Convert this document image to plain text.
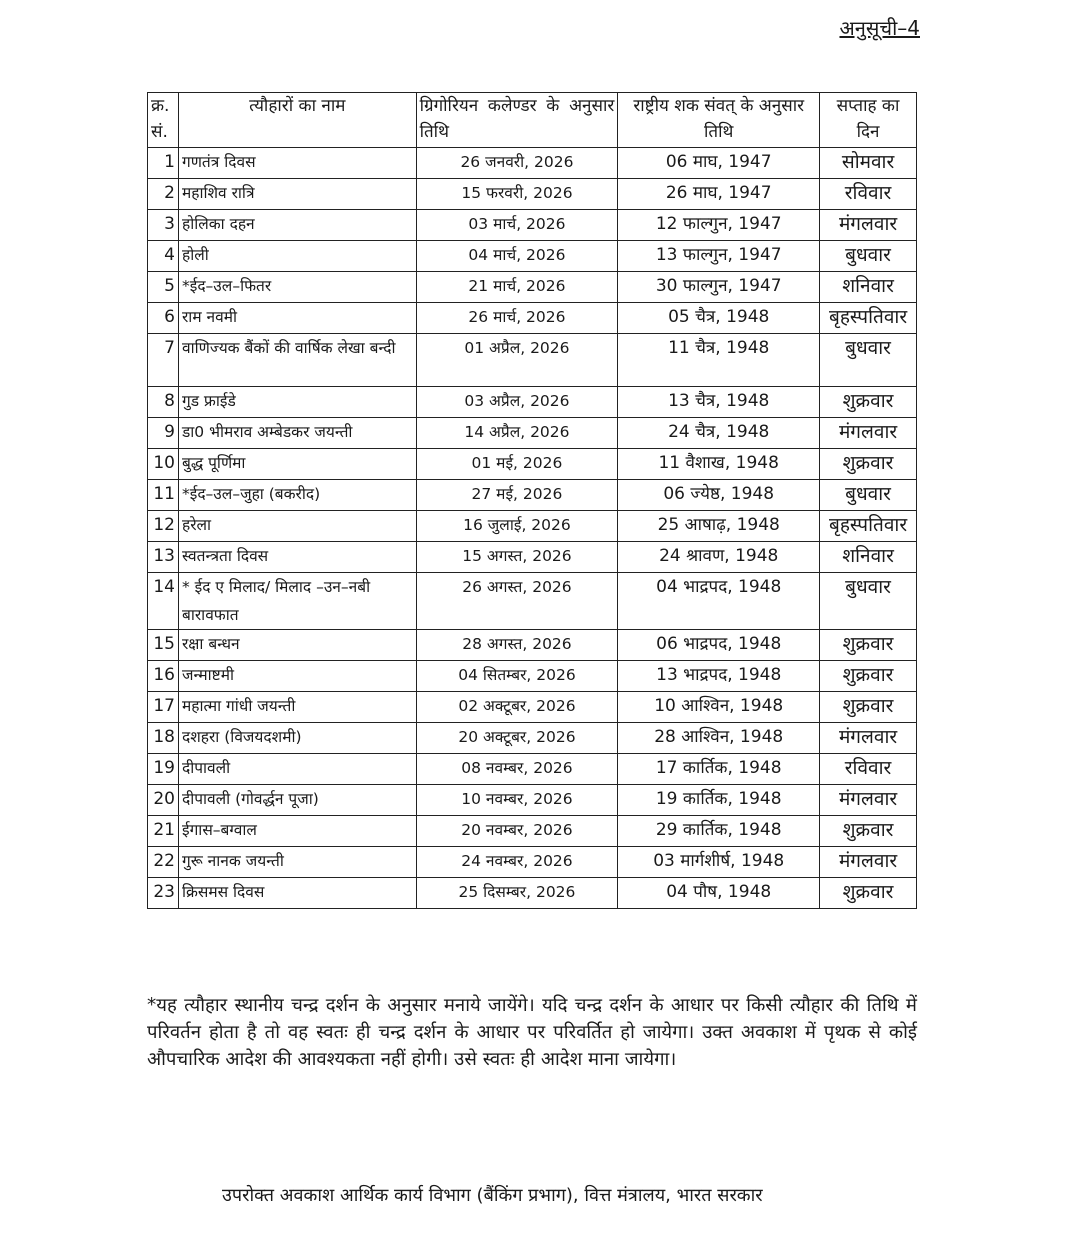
अनुसूची–4
क्र. सं.	त्यौहारों का नाम	ग्रिगोरियन कलेण्डर के अनुसार तिथि	राष्ट्रीय शक संवत् के अनुसार तिथि	सप्ताह का दिन
1	गणतंत्र दिवस	26 जनवरी, 2026	06 माघ, 1947	सोमवार
2	महाशिव रात्रि	15 फरवरी, 2026	26 माघ, 1947	रविवार
3	होलिका दहन	03 मार्च, 2026	12 फाल्गुन, 1947	मंगलवार
4	होली	04 मार्च, 2026	13 फाल्गुन, 1947	बुधवार
5	*ईद–उल–फितर	21 मार्च, 2026	30 फाल्गुन, 1947	शनिवार
6	राम नवमी	26 मार्च, 2026	05 चैत्र, 1948	बृहस्पतिवार
7	वाणिज्यक बैंकों की वार्षिक लेखा बन्दी	01 अप्रैल, 2026	11 चैत्र, 1948	बुधवार
8	गुड फ्राईडे	03 अप्रैल, 2026	13 चैत्र, 1948	शुक्रवार
9	डा0 भीमराव अम्बेडकर जयन्ती	14 अप्रैल, 2026	24 चैत्र, 1948	मंगलवार
10	बुद्ध पूर्णिमा	01 मई, 2026	11 वैशाख, 1948	शुक्रवार
11	*ईद–उल–जुहा (बकरीद)	27 मई, 2026	06 ज्येष्ठ, 1948	बुधवार
12	हरेला	16 जुलाई, 2026	25 आषाढ़, 1948	बृहस्पतिवार
13	स्वतन्त्रता दिवस	15 अगस्त, 2026	24 श्रावण, 1948	शनिवार
14	* ईद ए मिलाद/ मिलाद –उन–नबी बारावफात	26 अगस्त, 2026	04 भाद्रपद, 1948	बुधवार
15	रक्षा बन्धन	28 अगस्त, 2026	06 भाद्रपद, 1948	शुक्रवार
16	जन्माष्टमी	04 सितम्बर, 2026	13 भाद्रपद, 1948	शुक्रवार
17	महात्मा गांधी जयन्ती	02 अक्टूबर, 2026	10 आश्विन, 1948	शुक्रवार
18	दशहरा (विजयदशमी)	20 अक्टूबर, 2026	28 आश्विन, 1948	मंगलवार
19	दीपावली	08 नवम्बर, 2026	17 कार्तिक, 1948	रविवार
20	दीपावली (गोवर्द्धन पूजा)	10 नवम्बर, 2026	19 कार्तिक, 1948	मंगलवार
21	ईगास–बग्वाल	20 नवम्बर, 2026	29 कार्तिक, 1948	शुक्रवार
22	गुरू नानक जयन्ती	24 नवम्बर, 2026	03 मार्गशीर्ष, 1948	मंगलवार
23	क्रिसमस दिवस	25 दिसम्बर, 2026	04 पौष, 1948	शुक्रवार
*यह त्यौहार स्थानीय चन्द्र दर्शन के अनुसार मनाये जायेंगे। यदि चन्द्र दर्शन के आधार पर किसी त्यौहार की तिथि में परिवर्तन होता है तो वह स्वतः ही चन्द्र दर्शन के आधार पर परिवर्तित हो जायेगा। उक्त अवकाश में पृथक से कोई औपचारिक आदेश की आवश्यकता नहीं होगी। उसे स्वतः ही आदेश माना जायेगा।
उपरोक्त अवकाश आर्थिक कार्य विभाग (बैंकिंग प्रभाग), वित्त मंत्रालय, भारत सरकार
